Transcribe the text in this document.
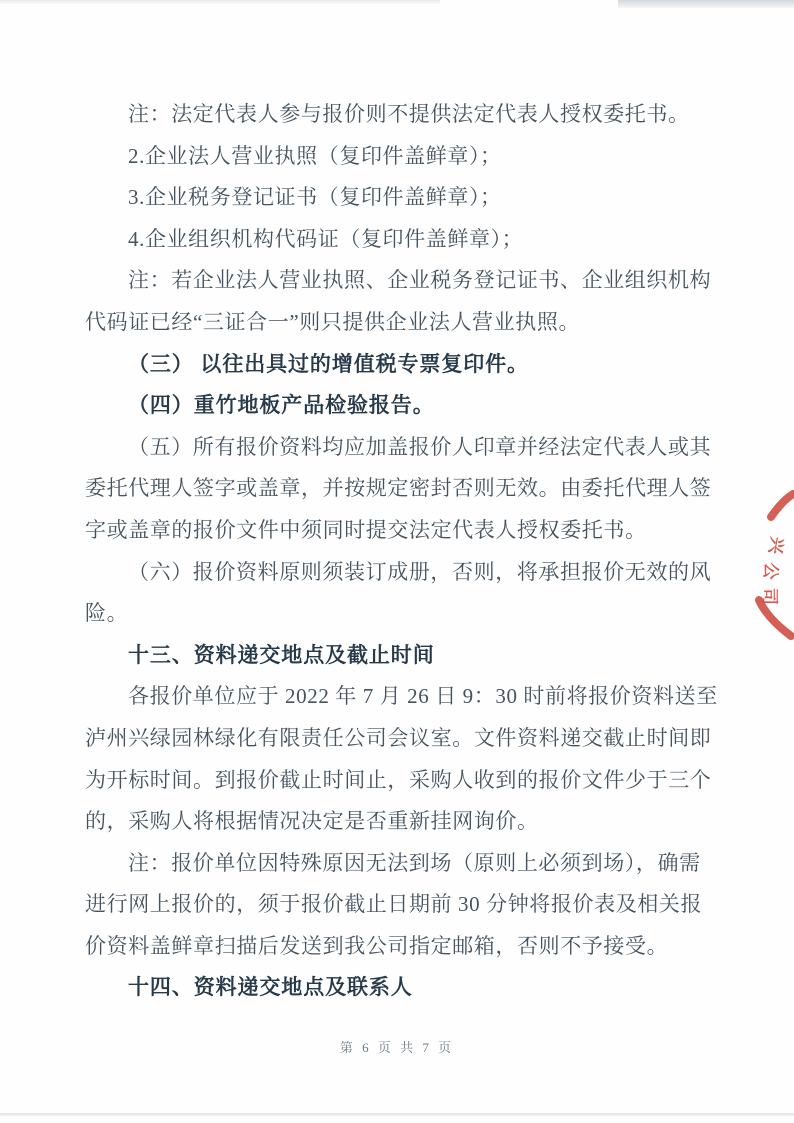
注：法定代表人参与报价则不提供法定代表人授权委托书。
2.企业法人营业执照（复印件盖鲜章）；
3.企业税务登记证书（复印件盖鲜章）；
4.企业组织机构代码证（复印件盖鲜章）；
注：若企业法人营业执照、企业税务登记证书、企业组织机构
代码证已经“三证合一”则只提供企业法人营业执照。
（三） 以往出具过的增值税专票复印件。
（四）重竹地板产品检验报告。
（五）所有报价资料均应加盖报价人印章并经法定代表人或其
委托代理人签字或盖章，并按规定密封否则无效。由委托代理人签
字或盖章的报价文件中须同时提交法定代表人授权委托书。
（六）报价资料原则须装订成册，否则，将承担报价无效的风
险。
十三、资料递交地点及截止时间
各报价单位应于 2022 年 7 月 26 日 9：30 时前将报价资料送至
泸州兴绿园林绿化有限责任公司会议室。文件资料递交截止时间即
为开标时间。到报价截止时间止，采购人收到的报价文件少于三个
的，采购人将根据情况决定是否重新挂网询价。
注：报价单位因特殊原因无法到场（原则上必须到场），确需
进行网上报价的，须于报价截止日期前 30 分钟将报价表及相关报
价资料盖鲜章扫描后发送到我公司指定邮箱，否则不予接受。
十四、资料递交地点及联系人
兴
公
司
第 6 页 共 7 页
